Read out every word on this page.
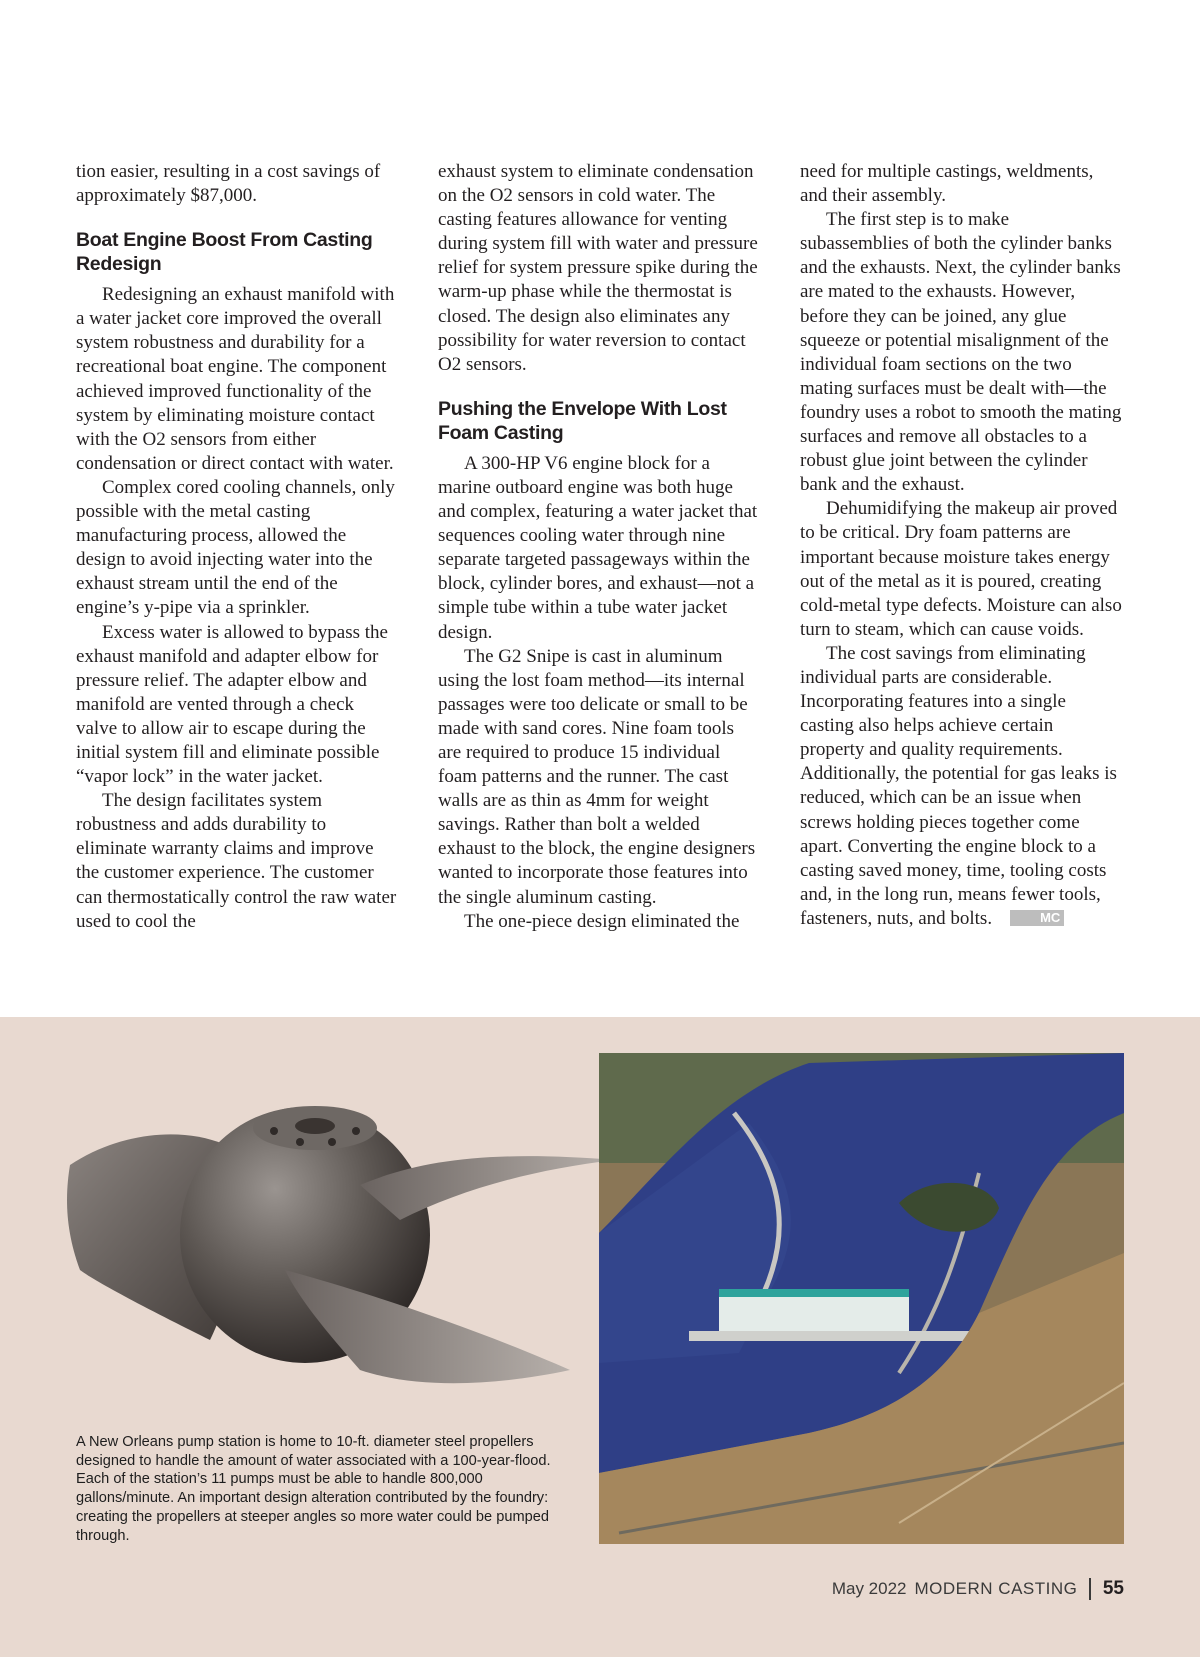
tion easier, resulting in a cost savings of approximately $87,000.

Boat Engine Boost From Casting Redesign

Redesigning an exhaust manifold with a water jacket core improved the overall system robustness and durability for a recreational boat engine. The component achieved improved functionality of the system by eliminating moisture contact with the O2 sensors from either condensation or direct contact with water.

Complex cored cooling channels, only possible with the metal casting manufacturing process, allowed the design to avoid injecting water into the exhaust stream until the end of the engine’s y-pipe via a sprinkler.

Excess water is allowed to bypass the exhaust manifold and adapter elbow for pressure relief. The adapter elbow and manifold are vented through a check valve to allow air to escape during the initial system fill and eliminate possible “vapor lock” in the water jacket.

The design facilitates system robustness and adds durability to eliminate warranty claims and improve the customer experience. The customer can thermostatically control the raw water used to cool the

exhaust system to eliminate condensation on the O2 sensors in cold water. The casting features allowance for venting during system fill with water and pressure relief for system pressure spike during the warm-up phase while the thermostat is closed. The design also eliminates any possibility for water reversion to contact O2 sensors.

Pushing the Envelope With Lost Foam Casting

A 300-HP V6 engine block for a marine outboard engine was both huge and complex, featuring a water jacket that sequences cooling water through nine separate targeted passageways within the block, cylinder bores, and exhaust—not a simple tube within a tube water jacket design.

The G2 Snipe is cast in aluminum using the lost foam method—its internal passages were too delicate or small to be made with sand cores. Nine foam tools are required to produce 15 individual foam patterns and the runner. The cast walls are as thin as 4mm for weight savings. Rather than bolt a welded exhaust to the block, the engine designers wanted to incorporate those features into the single aluminum casting.

The one-piece design eliminated the

need for multiple castings, weldments, and their assembly.

The first step is to make subassemblies of both the cylinder banks and the exhausts. Next, the cylinder banks are mated to the exhausts. However, before they can be joined, any glue squeeze or potential misalignment of the individual foam sections on the two mating surfaces must be dealt with—the foundry uses a robot to smooth the mating surfaces and remove all obstacles to a robust glue joint between the cylinder bank and the exhaust.

Dehumidifying the makeup air proved to be critical. Dry foam patterns are important because moisture takes energy out of the metal as it is poured, creating cold-metal type defects. Moisture can also turn to steam, which can cause voids.

The cost savings from eliminating individual parts are considerable. Incorporating features into a single casting also helps achieve certain property and quality requirements. Additionally, the potential for gas leaks is reduced, which can be an issue when screws holding pieces together come apart. Converting the engine block to a casting saved money, time, tooling costs and, in the long run, means fewer tools, fasteners, nuts, and bolts.	MC

A New Orleans pump station is home to 10-ft. diameter steel propellers designed to handle the amount of water associated with a 100-year-flood. Each of the station’s 11 pumps must be able to handle 800,000 gallons/minute. An important design alteration contributed by the foundry: creating the propellers at steeper angles so more water could be pumped through.

May 2022 MODERN CASTING 55
